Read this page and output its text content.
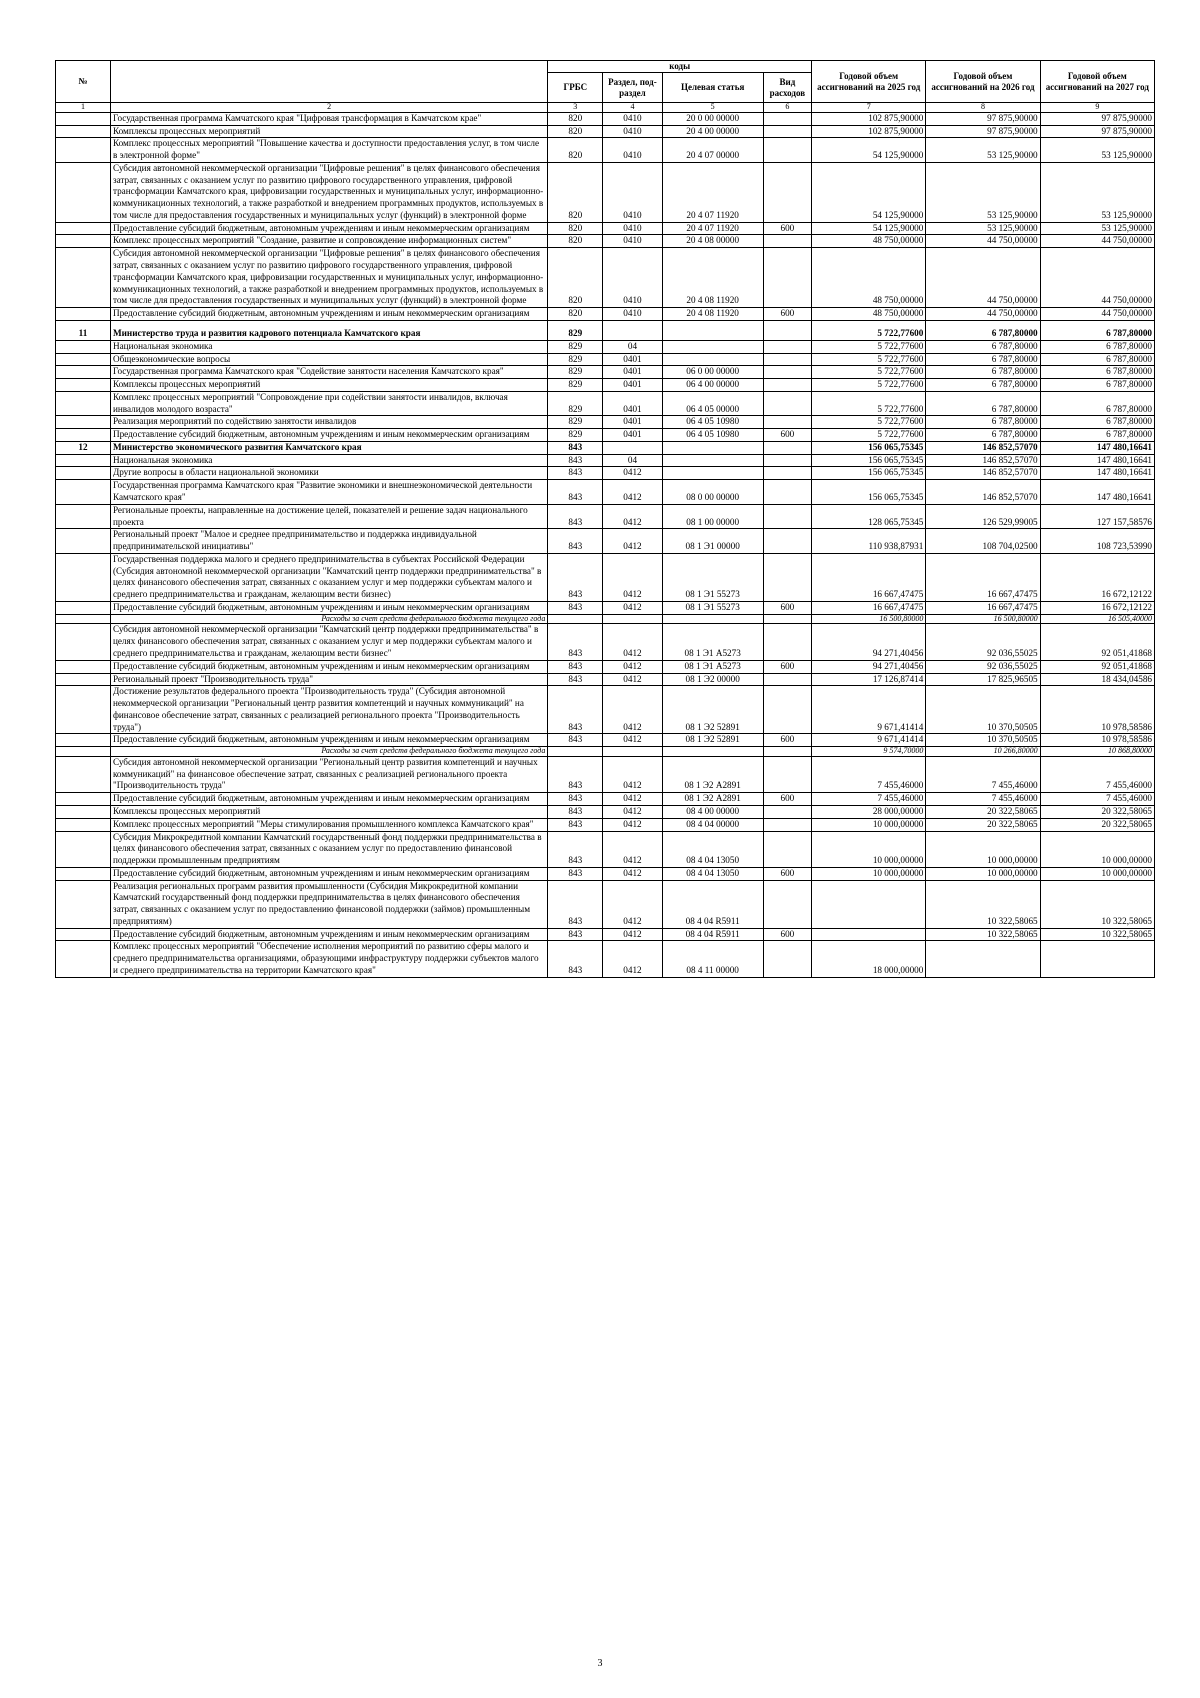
№		коды				Годовой объем ассигнований на 2025 год	Годовой объем ассигнований на 2026 год	Годовой объем ассигнований на 2027 год
		ГРБС	Раздел, под- раздел	Целевая статья	Вид расходов			
1	2	3	4	5	6	7	8	9
	Государственная программа Камчатского края "Цифровая трансформация в Камчатском крае"	820	0410	20 0 00 00000		102 875,90000	97 875,90000	97 875,90000
	Комплексы процессных мероприятий	820	0410	20 4 00 00000		102 875,90000	97 875,90000	97 875,90000
	Комплекс процессных мероприятий "Повышение качества и доступности предоставления услуг, в том числе в электронной форме"	820	0410	20 4 07 00000		54 125,90000	53 125,90000	53 125,90000
	Субсидия автономной некоммерческой организации "Цифровые решения" в целях финансового обеспечения затрат, связанных с оказанием услуг по развитию цифрового государственного управления, цифровой трансформации Камчатского края, цифровизации государственных и муниципальных услуг, информационно-коммуникационных технологий, а также разработкой и внедрением программных продуктов, используемых в том числе для предоставления государственных и муниципальных услуг (функций) в электронной форме	820	0410	20 4 07 11920		54 125,90000	53 125,90000	53 125,90000
	Предоставление субсидий бюджетным, автономным учреждениям и иным некоммерческим организациям	820	0410	20 4 07 11920	600	54 125,90000	53 125,90000	53 125,90000
	Комплекс процессных мероприятий "Создание, развитие и сопровождение информационных систем"	820	0410	20 4 08 00000		48 750,00000	44 750,00000	44 750,00000
	Субсидия автономной некоммерческой организации "Цифровые решения" в целях финансового обеспечения затрат, связанных с оказанием услуг по развитию цифрового государственного управления, цифровой трансформации Камчатского края, цифровизации государственных и муниципальных услуг, информационно-коммуникационных технологий, а также разработкой и внедрением программных продуктов, используемых в том числе для предоставления государственных и муниципальных услуг (функций) в электронной форме	820	0410	20 4 08 11920		48 750,00000	44 750,00000	44 750,00000
	Предоставление субсидий бюджетным, автономным учреждениям и иным некоммерческим организациям	820	0410	20 4 08 11920	600	48 750,00000	44 750,00000	44 750,00000
11	Министерство труда и развития кадрового потенциала Камчатского края	829				5 722,77600	6 787,80000	6 787,80000
	Национальная экономика	829	04			5 722,77600	6 787,80000	6 787,80000
	Общеэкономические вопросы	829	0401			5 722,77600	6 787,80000	6 787,80000
	Государственная программа Камчатского края "Содействие занятости населения Камчатского края"	829	0401	06 0 00 00000		5 722,77600	6 787,80000	6 787,80000
	Комплексы процессных мероприятий	829	0401	06 4 00 00000		5 722,77600	6 787,80000	6 787,80000
	Комплекс процессных мероприятий "Сопровождение при содействии занятости инвалидов, включая инвалидов молодого возраста"	829	0401	06 4 05 00000		5 722,77600	6 787,80000	6 787,80000
	Реализация мероприятий по содействию занятости инвалидов	829	0401	06 4 05 10980		5 722,77600	6 787,80000	6 787,80000
	Предоставление субсидий бюджетным, автономным учреждениям и иным некоммерческим организациям	829	0401	06 4 05 10980	600	5 722,77600	6 787,80000	6 787,80000
12	Министерство экономического развития Камчатского края	843				156 065,75345	146 852,57070	147 480,16641
	Национальная экономика	843	04			156 065,75345	146 852,57070	147 480,16641
	Другие вопросы в области национальной экономики	843	0412			156 065,75345	146 852,57070	147 480,16641
	Государственная программа Камчатского края "Развитие экономики и внешнеэкономической деятельности Камчатского края"	843	0412	08 0 00 00000		156 065,75345	146 852,57070	147 480,16641
	Региональные проекты, направленные на достижение целей, показателей и решение задач национального проекта	843	0412	08 1 00 00000		128 065,75345	126 529,99005	127 157,58576
	Региональный проект "Малое и среднее предпринимательство и поддержка индивидуальной предпринимательской инициативы"	843	0412	08 1 Э1 00000		110 938,87931	108 704,02500	108 723,53990
	Государственная поддержка малого и среднего предпринимательства в субъектах Российской Федерации (Субсидия автономной некоммерческой организации "Камчатский центр поддержки предпринимательства" в целях финансового обеспечения затрат, связанных с оказанием услуг и мер поддержки субъектам малого и среднего предпринимательства и гражданам, желающим вести бизнес)	843	0412	08 1 Э1 55273		16 667,47475	16 667,47475	16 672,12122
	Предоставление субсидий бюджетным, автономным учреждениям и иным некоммерческим организациям	843	0412	08 1 Э1 55273	600	16 667,47475	16 667,47475	16 672,12122
	Расходы за счет средств федерального бюджета текущего года					16 500,80000	16 500,80000	16 505,40000
	Субсидия автономной некоммерческой организации "Камчатский центр поддержки предпринимательства" в целях финансового обеспечения затрат, связанных с оказанием услуг и мер поддержки субъектам малого и среднего предпринимательства и гражданам, желающим вести бизнес"	843	0412	08 1 Э1 А5273		94 271,40456	92 036,55025	92 051,41868
	Предоставление субсидий бюджетным, автономным учреждениям и иным некоммерческим организациям	843	0412	08 1 Э1 А5273	600	94 271,40456	92 036,55025	92 051,41868
	Региональный проект "Производительность труда"	843	0412	08 1 Э2 00000		17 126,87414	17 825,96505	18 434,04586
	Достижение результатов федерального проекта "Производительность труда" (Субсидия автономной некоммерческой организации "Региональный центр развития компетенций и научных коммуникаций" на финансовое обеспечение затрат, связанных с реализацией регионального проекта "Производительность труда")	843	0412	08 1 Э2 52891		9 671,41414	10 370,50505	10 978,58586
	Предоставление субсидий бюджетным, автономным учреждениям и иным некоммерческим организациям	843	0412	08 1 Э2 52891	600	9 671,41414	10 370,50505	10 978,58586
	Расходы за счет средств федерального бюджета текущего года					9 574,70000	10 266,80000	10 868,80000
	Субсидия автономной некоммерческой организации "Региональный центр развития компетенций и научных коммуникаций" на финансовое обеспечение затрат, связанных с реализацией регионального проекта "Производительность труда"	843	0412	08 1 Э2 А2891		7 455,46000	7 455,46000	7 455,46000
	Предоставление субсидий бюджетным, автономным учреждениям и иным некоммерческим организациям	843	0412	08 1 Э2 А2891	600	7 455,46000	7 455,46000	7 455,46000
	Комплексы процессных мероприятий	843	0412	08 4 00 00000		28 000,00000	20 322,58065	20 322,58065
	Комплекс процессных мероприятий "Меры стимулирования промышленного комплекса Камчатского края"	843	0412	08 4 04 00000		10 000,00000	20 322,58065	20 322,58065
	Субсидия Микрокредитной компании Камчатский государственный фонд поддержки предпринимательства в целях финансового обеспечения затрат, связанных с оказанием услуг по предоставлению финансовой поддержки промышленным предприятиям	843	0412	08 4 04 13050		10 000,00000	10 000,00000	10 000,00000
	Предоставление субсидий бюджетным, автономным учреждениям и иным некоммерческим организациям	843	0412	08 4 04 13050	600	10 000,00000	10 000,00000	10 000,00000
	Реализация региональных программ развития промышленности (Субсидия Микрокредитной компании Камчатский государственный фонд поддержки предпринимательства в целях финансового обеспечения затрат, связанных с оказанием услуг по предоставлению финансовой поддержки (займов) промышленным предприятиям)	843	0412	08 4 04 R5911			10 322,58065	10 322,58065
	Предоставление субсидий бюджетным, автономным учреждениям и иным некоммерческим организациям	843	0412	08 4 04 R5911	600		10 322,58065	10 322,58065
	Комплекс процессных мероприятий "Обеспечение исполнения мероприятий по развитию сферы малого и среднего предпринимательства организациями, образующими инфраструктуру поддержки субъектов малого и среднего предпринимательства на территории Камчатского края"	843	0412	08 4 11 00000		18 000,00000		
3
